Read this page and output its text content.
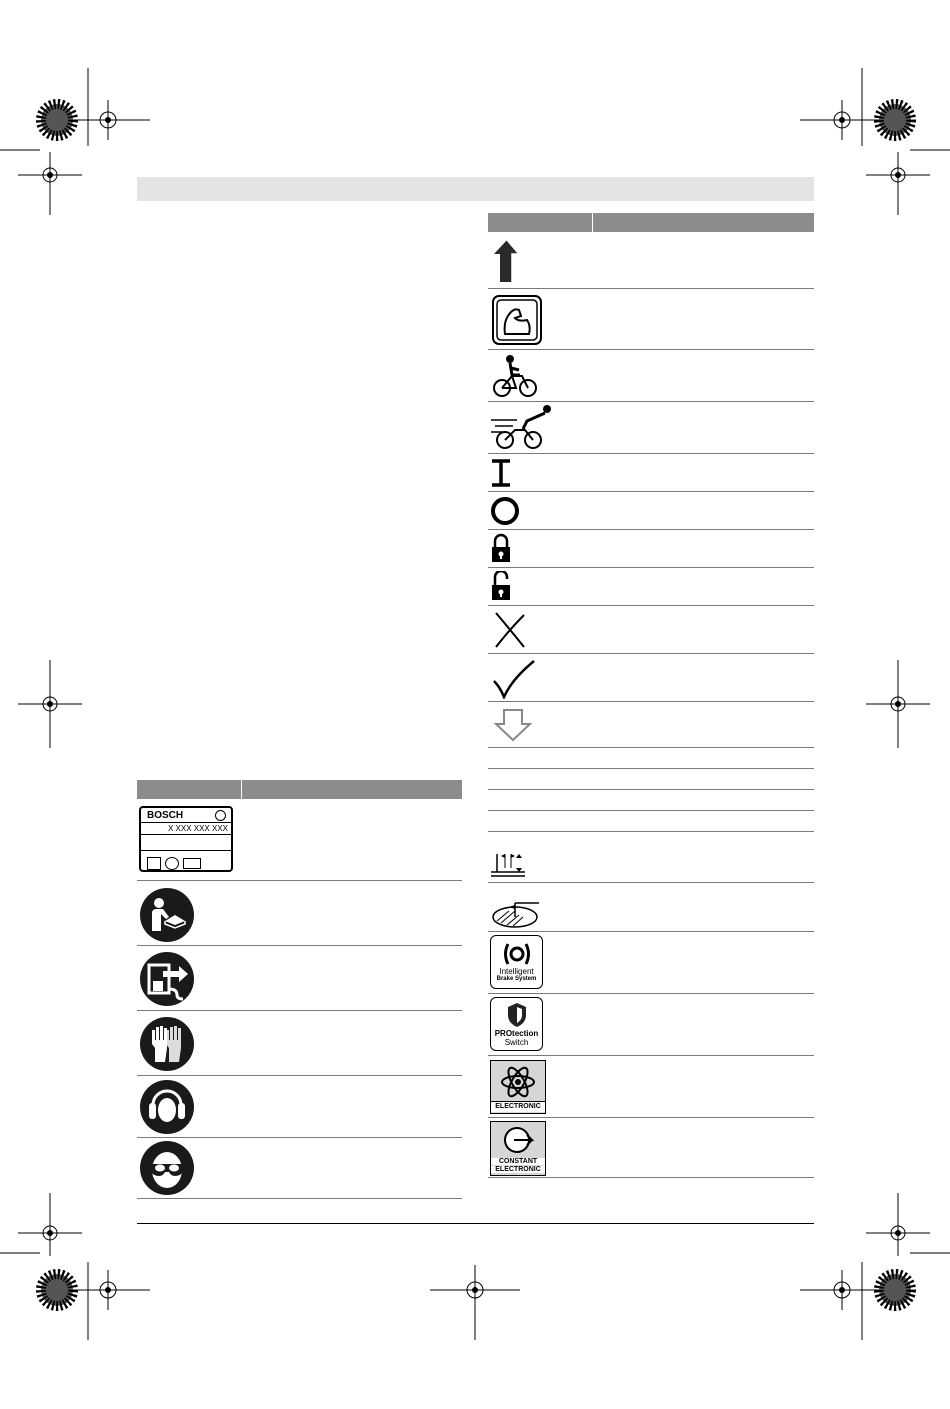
BOSCH
X XXX XXX XXX
Intelligent
Brake System
PROtection
Switch
ELECTRONIC
CONSTANT
ELECTRONIC
